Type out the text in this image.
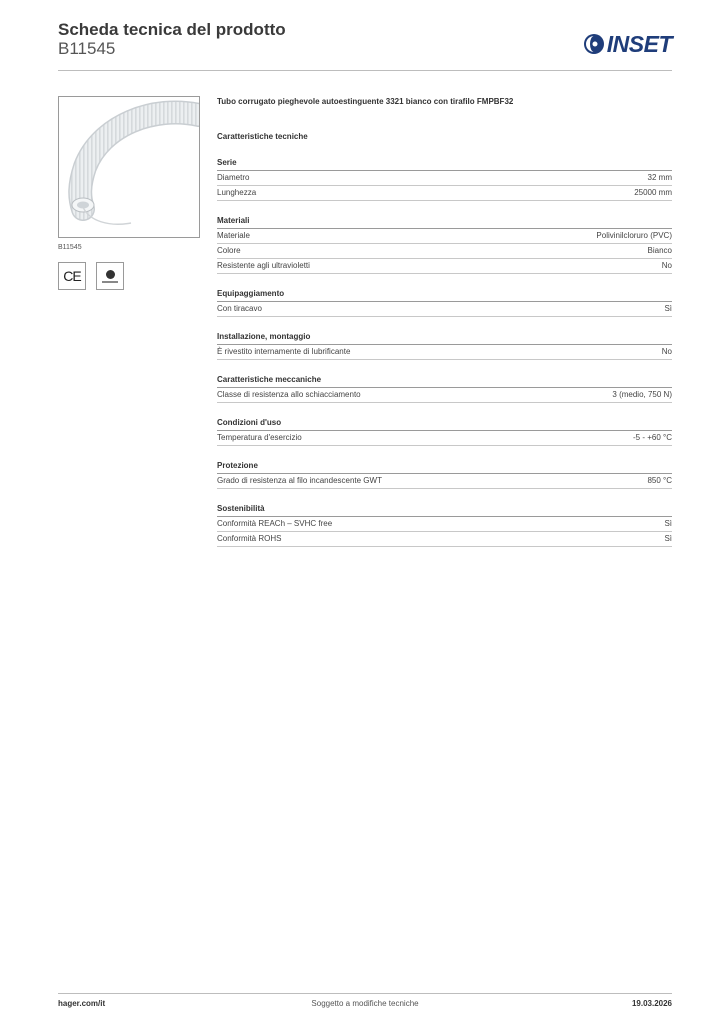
Scheda tecnica del prodotto
B11545	INSET
B11545
CE

Tubo corrugato pieghevole autoestinguente 3321 bianco con tirafilo FMPBF32

Caratteristiche tecniche
Serie
Diametro	32 mm
Lunghezza	25000 mm
Materiali
Materiale	Polivinilcloruro (PVC)
Colore	Bianco
Resistente agli ultravioletti	No
Equipaggiamento
Con tiracavo	Sì
Installazione, montaggio
È rivestito internamente di lubrificante	No
Caratteristiche meccaniche
Classe di resistenza allo schiacciamento	3 (medio, 750 N)
Condizioni d'uso
Temperatura d'esercizio	-5 - +60 °C
Protezione
Grado di resistenza al filo incandescente GWT	850 °C
Sostenibilità
Conformità REACh – SVHC free	Sì
Conformità ROHS	Sì
hager.com/it	Soggetto a modifiche tecniche	19.03.2026
